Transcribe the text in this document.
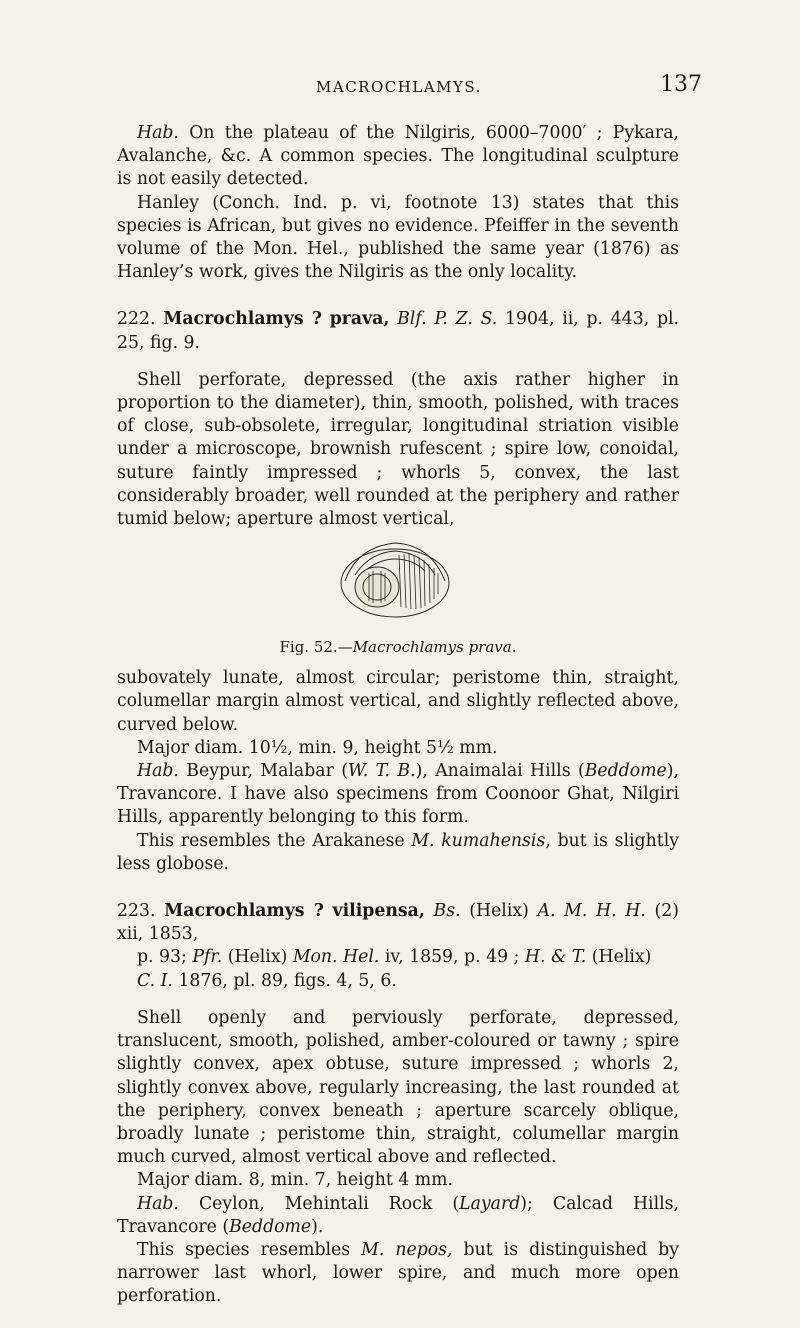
MACROCHLAMYS.	137

Hab. On the plateau of the Nilgiris, 6000–7000′ ; Pykara, Avalanche, &c. A common species. The longitudinal sculpture is not easily detected.

Hanley (Conch. Ind. p. vi, footnote 13) states that this species is African, but gives no evidence. Pfeiffer in the seventh volume of the Mon. Hel., published the same year (1876) as Hanley’s work, gives the Nilgiris as the only locality.

222. Macrochlamys ? prava, Blf. P. Z. S. 1904, ii, p. 443, pl. 25, fig. 9.

Shell perforate, depressed (the axis rather higher in proportion to the diameter), thin, smooth, polished, with traces of close, sub-obsolete, irregular, longitudinal striation visible under a microscope, brownish rufescent ; spire low, conoidal, suture faintly impressed ; whorls 5, convex, the last considerably broader, well rounded at the periphery and rather tumid below; aperture almost vertical,

Fig. 52.—Macrochlamys prava.

subovately lunate, almost circular; peristome thin, straight, columellar margin almost vertical, and slightly reflected above, curved below.

Major diam. 10½, min. 9, height 5½ mm.

Hab. Beypur, Malabar (W. T. B.), Anaimalai Hills (Beddome), Travancore. I have also specimens from Coonoor Ghat, Nilgiri Hills, apparently belonging to this form.

This resembles the Arakanese M. kumahensis, but is slightly less globose.

223. Macrochlamys ? vilipensa, Bs. (Helix) A. M. H. H. (2) xii, 1853,
p. 93; Pfr. (Helix) Mon. Hel. iv, 1859, p. 49 ; H. & T. (Helix)
C. I. 1876, pl. 89, figs. 4, 5, 6.

Shell openly and perviously perforate, depressed, translucent, smooth, polished, amber-coloured or tawny ; spire slightly convex, apex obtuse, suture impressed ; whorls 2, slightly convex above, regularly increasing, the last rounded at the periphery, convex beneath ; aperture scarcely oblique, broadly lunate ; peristome thin, straight, columellar margin much curved, almost vertical above and reflected.

Major diam. 8, min. 7, height 4 mm.

Hab. Ceylon, Mehintali Rock (Layard); Calcad Hills, Travancore (Beddome).

This species resembles M. nepos, but is distinguished by narrower last whorl, lower spire, and much more open perforation.
